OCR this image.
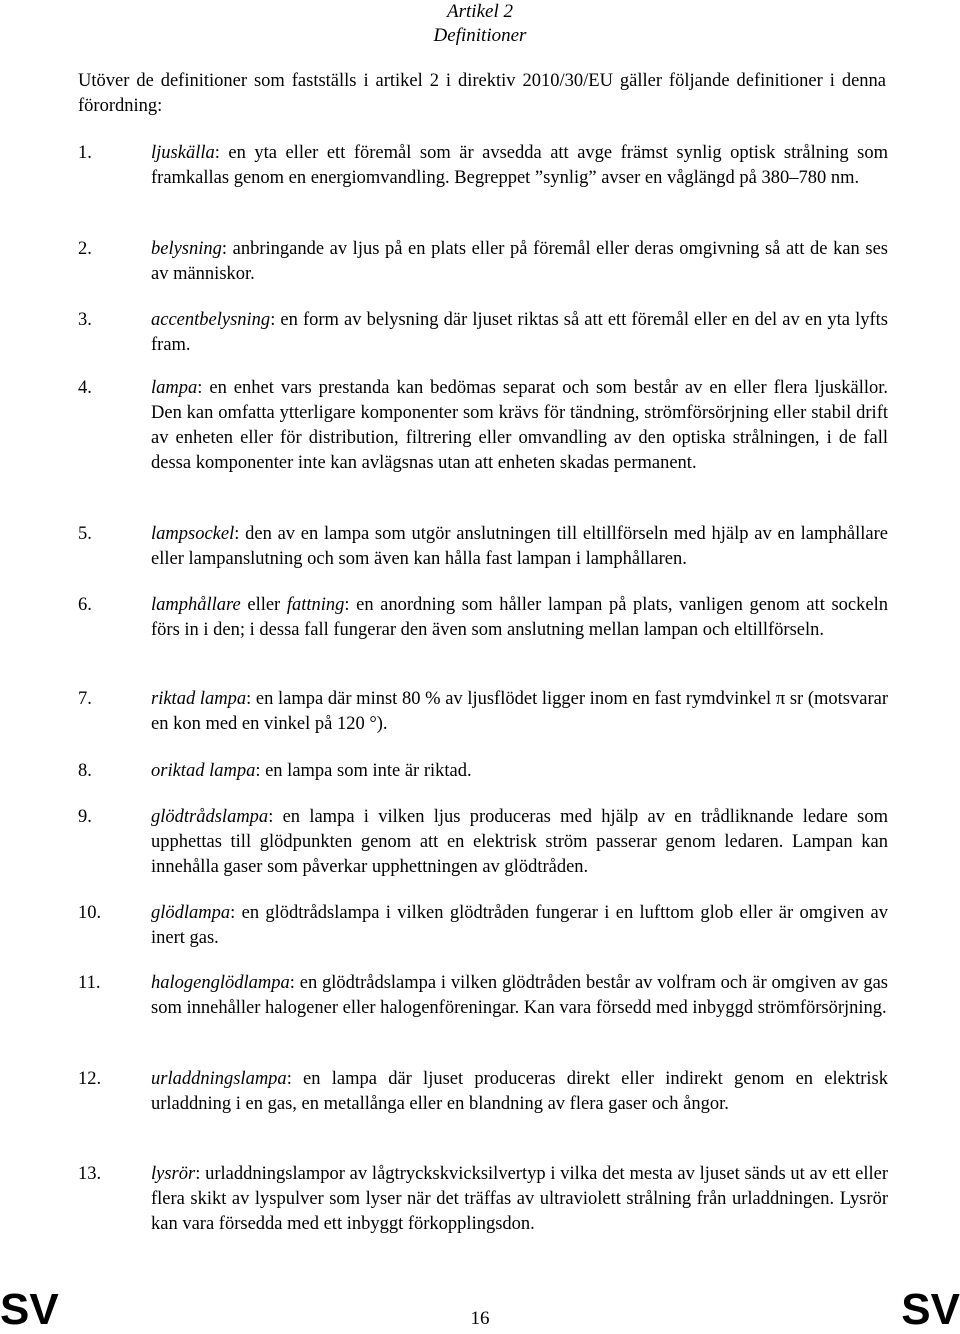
Artikel 2
Definitioner
Utöver de definitioner som fastställs i artikel 2 i direktiv 2010/30/EU gäller följande definitioner i denna förordning:
1.	ljuskälla: en yta eller ett föremål som är avsedda att avge främst synlig optisk strålning som framkallas genom en energiomvandling. Begreppet ”synlig” avser en våglängd på 380–780 nm.
2.	belysning: anbringande av ljus på en plats eller på föremål eller deras omgivning så att de kan ses av människor.
3.	accentbelysning: en form av belysning där ljuset riktas så att ett föremål eller en del av en yta lyfts fram.
4.	lampa: en enhet vars prestanda kan bedömas separat och som består av en eller flera ljuskällor. Den kan omfatta ytterligare komponenter som krävs för tändning, strömförsörjning eller stabil drift av enheten eller för distribution, filtrering eller omvandling av den optiska strålningen, i de fall dessa komponenter inte kan avlägsnas utan att enheten skadas permanent.
5.	lampsockel: den av en lampa som utgör anslutningen till eltillförseln med hjälp av en lamphållare eller lampanslutning och som även kan hålla fast lampan i lamphållaren.
6.	lamphållare eller fattning: en anordning som håller lampan på plats, vanligen genom att sockeln förs in i den; i dessa fall fungerar den även som anslutning mellan lampan och eltillförseln.
7.	riktad lampa: en lampa där minst 80 % av ljusflödet ligger inom en fast rymdvinkel π sr (motsvarar en kon med en vinkel på 120 °).
8.	oriktad lampa: en lampa som inte är riktad.
9.	glödtrådslampa: en lampa i vilken ljus produceras med hjälp av en trådliknande ledare som upphettas till glödpunkten genom att en elektrisk ström passerar genom ledaren. Lampan kan innehålla gaser som påverkar upphettningen av glödtråden.
10.	glödlampa: en glödtrådslampa i vilken glödtråden fungerar i en lufttom glob eller är omgiven av inert gas.
11.	halogenglödlampa: en glödtrådslampa i vilken glödtråden består av volfram och är omgiven av gas som innehåller halogener eller halogenföreningar. Kan vara försedd med inbyggd strömförsörjning.
12.	urladdningslampa: en lampa där ljuset produceras direkt eller indirekt genom en elektrisk urladdning i en gas, en metallånga eller en blandning av flera gaser och ångor.
13.	lysrör: urladdningslampor av lågtryckskvicksilvertyp i vilka det mesta av ljuset sänds ut av ett eller flera skikt av lyspulver som lyser när det träffas av ultraviolett strålning från urladdningen. Lysrör kan vara försedda med ett inbyggt förkopplingsdon.
SV	16	SV
